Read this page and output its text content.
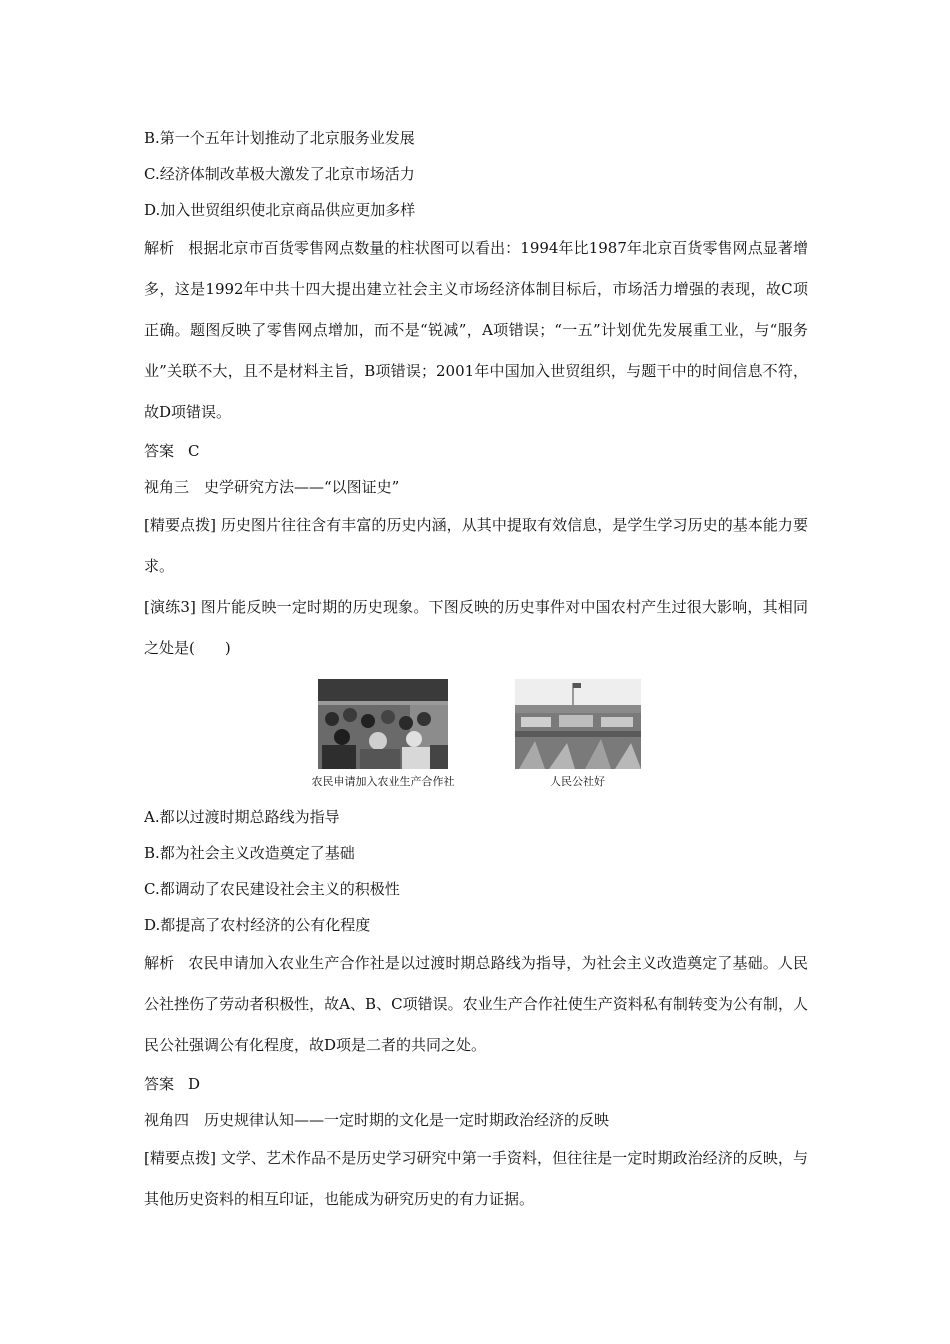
B.第一个五年计划推动了北京服务业发展

C.经济体制改革极大激发了北京市场活力

D.加入世贸组织使北京商品供应更加多样

解析 根据北京市百货零售网点数量的柱状图可以看出：1994年比1987年北京百货零售网点显著增多，这是1992年中共十四大提出建立社会主义市场经济体制目标后，市场活力增强的表现，故C项正确。题图反映了零售网点增加，而不是“锐减”，A项错误；“一五”计划优先发展重工业，与“服务业”关联不大，且不是材料主旨，B项错误；2001年中国加入世贸组织，与题干中的时间信息不符，故D项错误。

答案 C

视角三　史学研究方法——“以图证史”

[精要点拨] 历史图片往往含有丰富的历史内涵，从其中提取有效信息，是学生学习历史的基本能力要求。

[演练3] 图片能反映一定时期的历史现象。下图反映的历史事件对中国农村产生过很大影响，其相同之处是(　　)

农民申请加入农业生产合作社	人民公社好

A.都以过渡时期总路线为指导

B.都为社会主义改造奠定了基础

C.都调动了农民建设社会主义的积极性

D.都提高了农村经济的公有化程度

解析 农民申请加入农业生产合作社是以过渡时期总路线为指导，为社会主义改造奠定了基础。人民公社挫伤了劳动者积极性，故A、B、C项错误。农业生产合作社使生产资料私有制转变为公有制，人民公社强调公有化程度，故D项是二者的共同之处。

答案 D

视角四　历史规律认知——一定时期的文化是一定时期政治经济的反映

[精要点拨] 文学、艺术作品不是历史学习研究中第一手资料，但往往是一定时期政治经济的反映，与其他历史资料的相互印证，也能成为研究历史的有力证据。
